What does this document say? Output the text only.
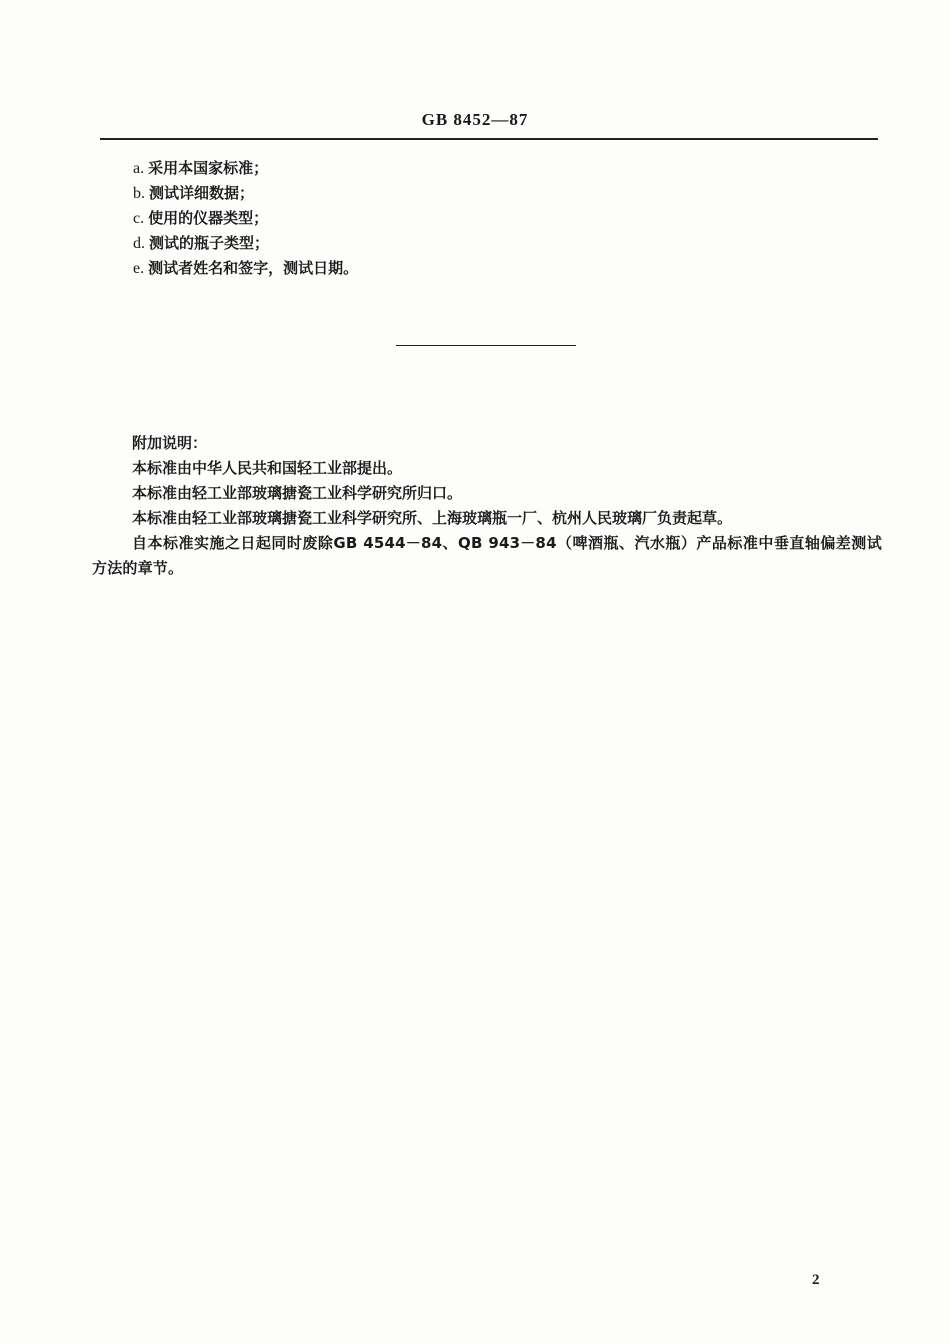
GB 8452—87
a. 采用本国家标准；
b. 测试详细数据；
c. 使用的仪器类型；
d. 测试的瓶子类型；
e. 测试者姓名和签字，测试日期。

附加说明：

本标准由中华人民共和国轻工业部提出。

本标准由轻工业部玻璃搪瓷工业科学研究所归口。

本标准由轻工业部玻璃搪瓷工业科学研究所、上海玻璃瓶一厂、杭州人民玻璃厂负责起草。

自本标准实施之日起同时废除GB 4544－84、QB 943－84（啤酒瓶、汽水瓶）产品标准中垂直轴偏差测试方法的章节。

2
